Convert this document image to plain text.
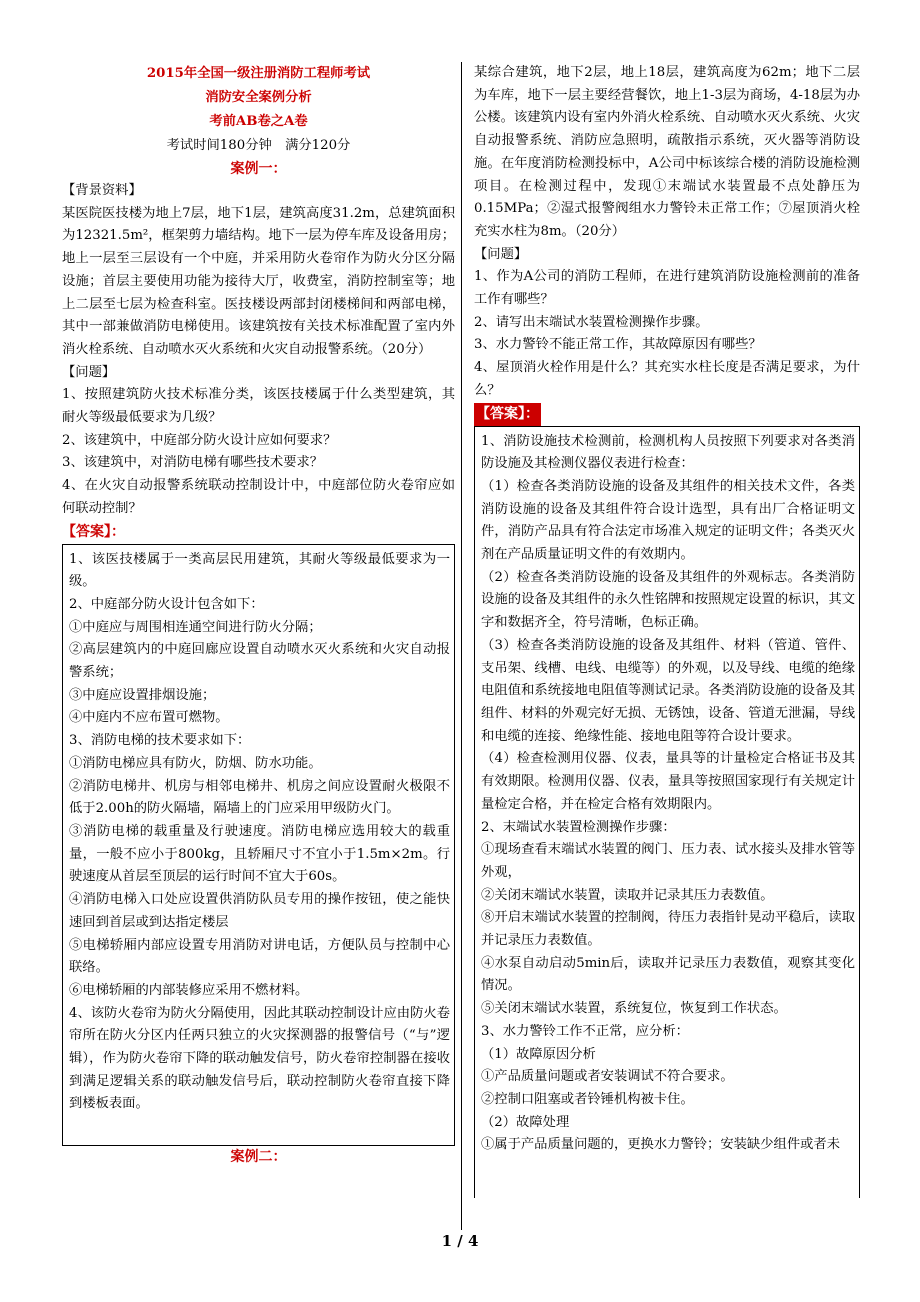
2015年全国一级注册消防工程师考试

消防安全案例分析

考前AB卷之A卷

考试时间180分钟　满分120分

案例一：

【背景资料】

某医院医技楼为地上7层，地下1层，建筑高度31.2m，总建筑面积为12321.5m²，框架剪力墙结构。地下一层为停车库及设备用房；地上一层至三层设有一个中庭，并采用防火卷帘作为防火分区分隔设施；首层主要使用功能为接待大厅，收费室，消防控制室等；地上二层至七层为检查科室。医技楼设两部封闭楼梯间和两部电梯，其中一部兼做消防电梯使用。该建筑按有关技术标准配置了室内外消火栓系统、自动喷水灭火系统和火灾自动报警系统。（20分）

【问题】

1、按照建筑防火技术标准分类，该医技楼属于什么类型建筑，其耐火等级最低要求为几级？

2、该建筑中，中庭部分防火设计应如何要求？

3、该建筑中，对消防电梯有哪些技术要求？

4、在火灾自动报警系统联动控制设计中，中庭部位防火卷帘应如何联动控制？

【答案】：

1、该医技楼属于一类高层民用建筑，其耐火等级最低要求为一级。

2、中庭部分防火设计包含如下：

①中庭应与周围相连通空间进行防火分隔；

②高层建筑内的中庭回廊应设置自动喷水灭火系统和火灾自动报警系统；

③中庭应设置排烟设施；

④中庭内不应布置可燃物。

3、消防电梯的技术要求如下：

①消防电梯应具有防火，防烟、防水功能。

②消防电梯井、机房与相邻电梯井、机房之间应设置耐火极限不低于2.00h的防火隔墙，隔墙上的门应采用甲级防火门。

③消防电梯的载重量及行驶速度。消防电梯应选用较大的载重量，一般不应小于800kg，且轿厢尺寸不宜小于1.5m×2m。行驶速度从首层至顶层的运行时间不宜大于60s。

④消防电梯入口处应设置供消防队员专用的操作按钮，使之能快速回到首层或到达指定楼层

⑤电梯轿厢内部应设置专用消防对讲电话，方便队员与控制中心联络。

⑥电梯轿厢的内部装修应采用不燃材料。

4、该防火卷帘为防火分隔使用，因此其联动控制设计应由防火卷帘所在防火分区内任两只独立的火灾探测器的报警信号（“与”逻辑），作为防火卷帘下降的联动触发信号，防火卷帘控制器在接收到满足逻辑关系的联动触发信号后，联动控制防火卷帘直接下降到楼板表面。

案例二：

某综合建筑，地下2层，地上18层，建筑高度为62m；地下二层为车库，地下一层主要经营餐饮，地上1-3层为商场，4-18层为办公楼。该建筑内设有室内外消火栓系统、自动喷水灭火系统、火灾自动报警系统、消防应急照明，疏散指示系统，灭火器等消防设施。在年度消防检测投标中，A公司中标该综合楼的消防设施检测项目。在检测过程中，发现①末端试水装置最不点处静压为0.15MPa；②湿式报警阀组水力警铃未正常工作；⑦屋顶消火栓充实水柱为8m。（20分）

【问题】

1、作为A公司的消防工程师，在进行建筑消防设施检测前的准备工作有哪些？

2、请写出末端试水装置检测操作步骤。

3、水力警铃不能正常工作，其故障原因有哪些？

4、屋顶消火栓作用是什么？其充实水柱长度是否满足要求，为什么？

【答案】：

1、消防设施技术检测前，检测机构人员按照下列要求对各类消防设施及其检测仪器仪表进行检查：

（1）检查各类消防设施的设备及其组件的相关技术文件，各类消防设施的设备及其组件符合设计选型，具有出厂合格证明文件，消防产品具有符合法定市场准入规定的证明文件；各类灭火剂在产品质量证明文件的有效期内。

（2）检查各类消防设施的设备及其组件的外观标志。各类消防设施的设备及其组件的永久性铭牌和按照规定设置的标识，其文字和数据齐全，符号清晰，色标正确。

（3）检查各类消防设施的设备及其组件、材料（管道、管件、支吊架、线槽、电线、电缆等）的外观，以及导线、电缆的绝缘电阻值和系统接地电阻值等测试记录。各类消防设施的设备及其组件、材料的外观完好无损、无锈蚀，设备、管道无泄漏，导线和电缆的连接、绝缘性能、接地电阻等符合设计要求。

（4）检查检测用仪器、仪表，量具等的计量检定合格证书及其有效期限。检测用仪器、仪表，量具等按照国家现行有关规定计量检定合格，并在检定合格有效期限内。

2、末端试水装置检测操作步骤：

①现场查看末端试水装置的阀门、压力表、试水接头及排水管等外观，

②关闭末端试水装置，读取并记录其压力表数值。

⑧开启末端试水装置的控制阀，待压力表指针晃动平稳后，读取并记录压力表数值。

④水泵自动启动5min后，读取并记录压力表数值，观察其变化情况。

⑤关闭末端试水装置，系统复位，恢复到工作状态。

3、水力警铃工作不正常，应分析：

（1）故障原因分析

①产品质量问题或者安装调试不符合要求。

②控制口阻塞或者铃锤机构被卡住。

（2）故障处理

①属于产品质量问题的，更换水力警铃；安装缺少组件或者未

1 / 4
